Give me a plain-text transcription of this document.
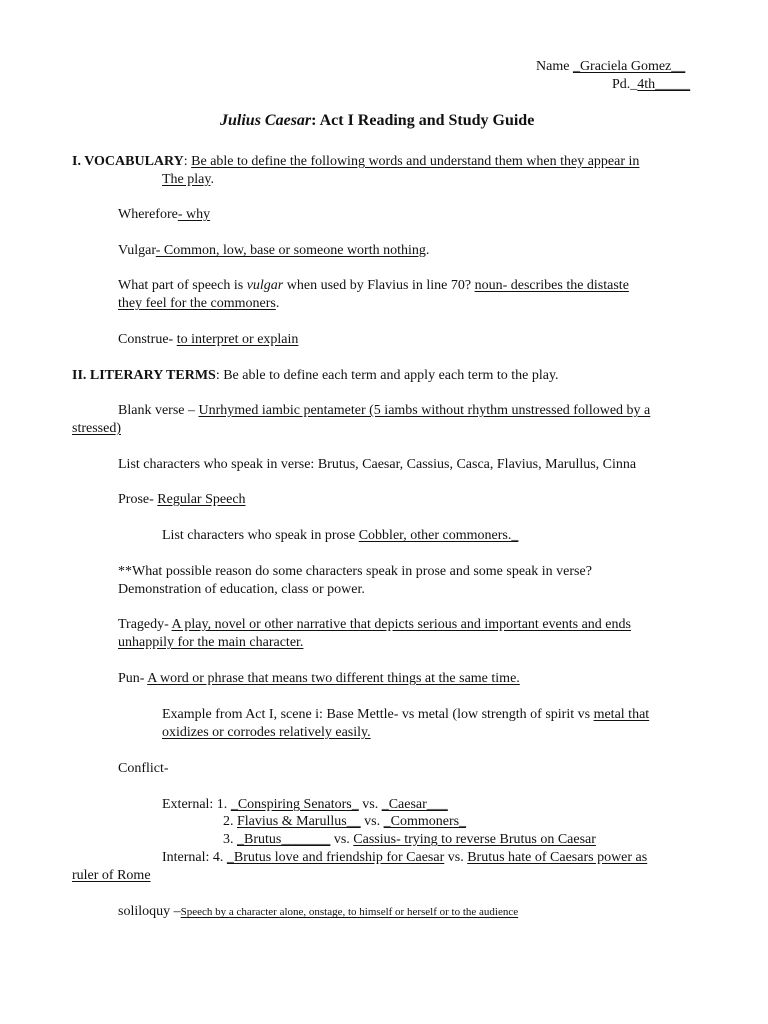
Name _Graciela Gomez__
Pd._4th_____
Julius Caesar: Act I Reading and Study Guide
I. VOCABULARY: Be able to define the following words and understand them when they appear in
The play.
Wherefore- why
Vulgar- Common, low, base or someone worth nothing.
What part of speech is vulgar when used by Flavius in line 70? noun- describes the distaste
they feel for the commoners.
Construe- to interpret or explain
II. LITERARY TERMS: Be able to define each term and apply each term to the play.
Blank verse – Unrhymed iambic pentameter (5 iambs without rhythm unstressed followed by a
stressed)
List characters who speak in verse: Brutus, Caesar, Cassius, Casca, Flavius, Marullus, Cinna
Prose- Regular Speech
List characters who speak in prose Cobbler, other commoners._
**What possible reason do some characters speak in prose and some speak in verse?
Demonstration of education, class or power.
Tragedy- A play, novel or other narrative that depicts serious and important events and ends
unhappily for the main character.
Pun- A word or phrase that means two different things at the same time.
Example from Act I, scene i: Base Mettle- vs metal (low strength of spirit vs metal that
oxidizes or corrodes relatively easily.
Conflict-
External: 1. _Conspiring Senators_ vs. _Caesar___
2. Flavius & Marullus__ vs. _Commoners_
3. _Brutus_______ vs. Cassius- trying to reverse Brutus on Caesar
Internal: 4. _Brutus love and friendship for Caesar vs. Brutus hate of Caesars power as
ruler of Rome
soliloquy –Speech by a character alone, onstage, to himself or herself or to the audience
